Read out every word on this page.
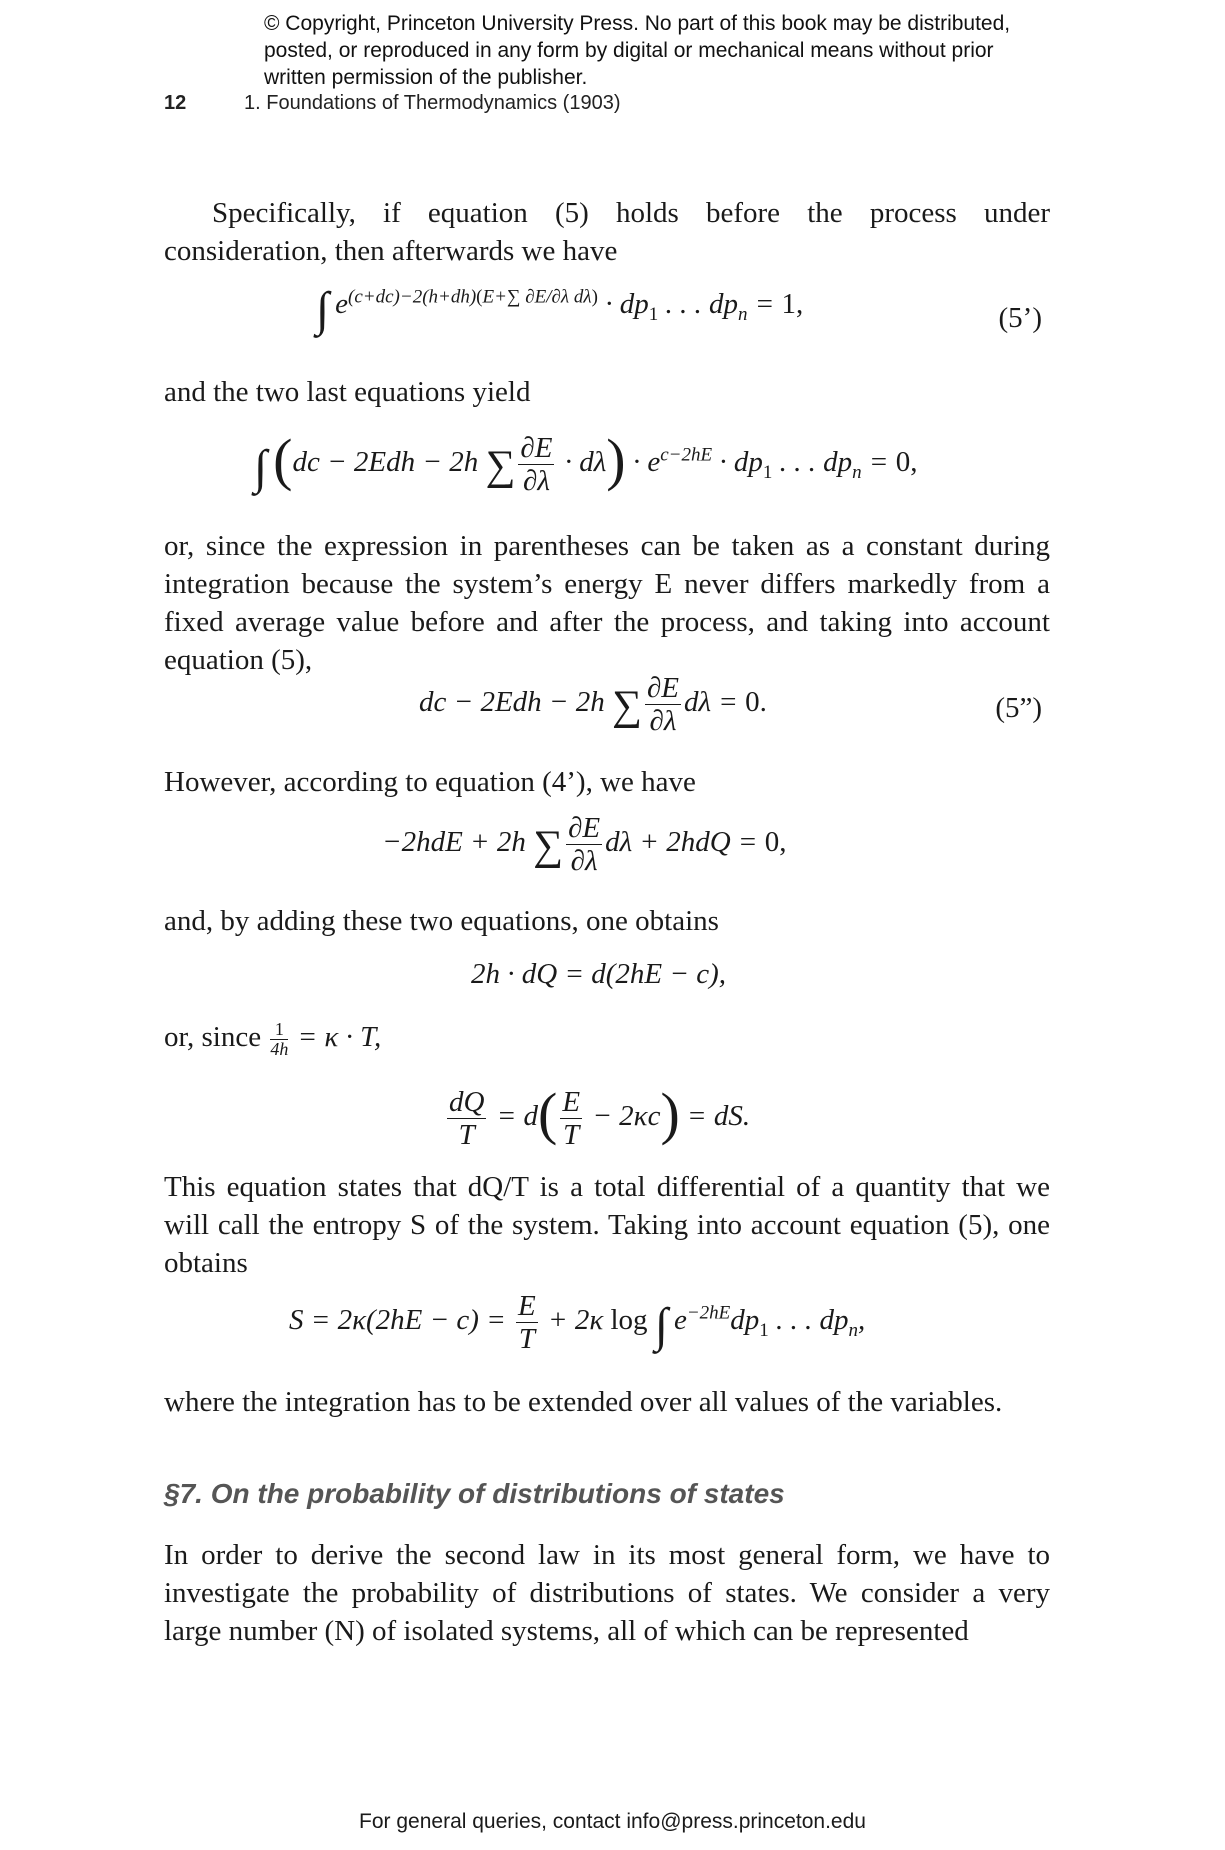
© Copyright, Princeton University Press. No part of this book may be distributed, posted, or reproduced in any form by digital or mechanical means without prior written permission of the publisher.
12	1. Foundations of Thermodynamics (1903)

Specifically, if equation (5) holds before the process under consideration, then afterwards we have

∫ $e^{(c+dc)-2(h+dh)(E+\sum \partial E/\partial\lambda d\lambda)} \cdot dp_1$ . . . $dp_n = 1$,	(5’)

and the two last equations yield

∫ (dc − 2Edh − 2h ∑ $\frac{\partial E}{\partial\lambda} \cdot d\lambda) \cdot e^{c-2hE} \cdot dp_1$ . . . $dp_n = 0$,

or, since the expression in parentheses can be taken as a constant during integration because the system’s energy E never differs markedly from a fixed average value before and after the process, and taking into account equation (5),

dc − 2Edh − 2h ∑ $\frac{\partial E}{\partial\lambda}$ dλ = 0.	(5”)

However, according to equation (4’), we have

−2hdE + 2h ∑ $\frac{\partial E}{\partial\lambda}$ dλ + 2hdQ = 0,

and, by adding these two equations, one obtains

2h · dQ = d(2hE − c),

or, since $\frac{1}{4h} = \kappa \cdot T$,

$\frac{dQ}{T} = d( \frac{E}{T} - 2\kappa c)$ = dS.

This equation states that dQ/T is a total differential of a quantity that we will call the entropy S of the system. Taking into account equation (5), one obtains

$S = 2\kappa(2hE - c) = \frac{E}{T} + 2\kappa$ log ∫ $e^{-2hE}dp_1$ . . . $dp_n$,

where the integration has to be extended over all values of the variables.

§7. On the probability of distributions of states

In order to derive the second law in its most general form, we have to investigate the probability of distributions of states. We consider a very large number (N) of isolated systems, all of which can be represented

For general queries, contact info@press.princeton.edu
